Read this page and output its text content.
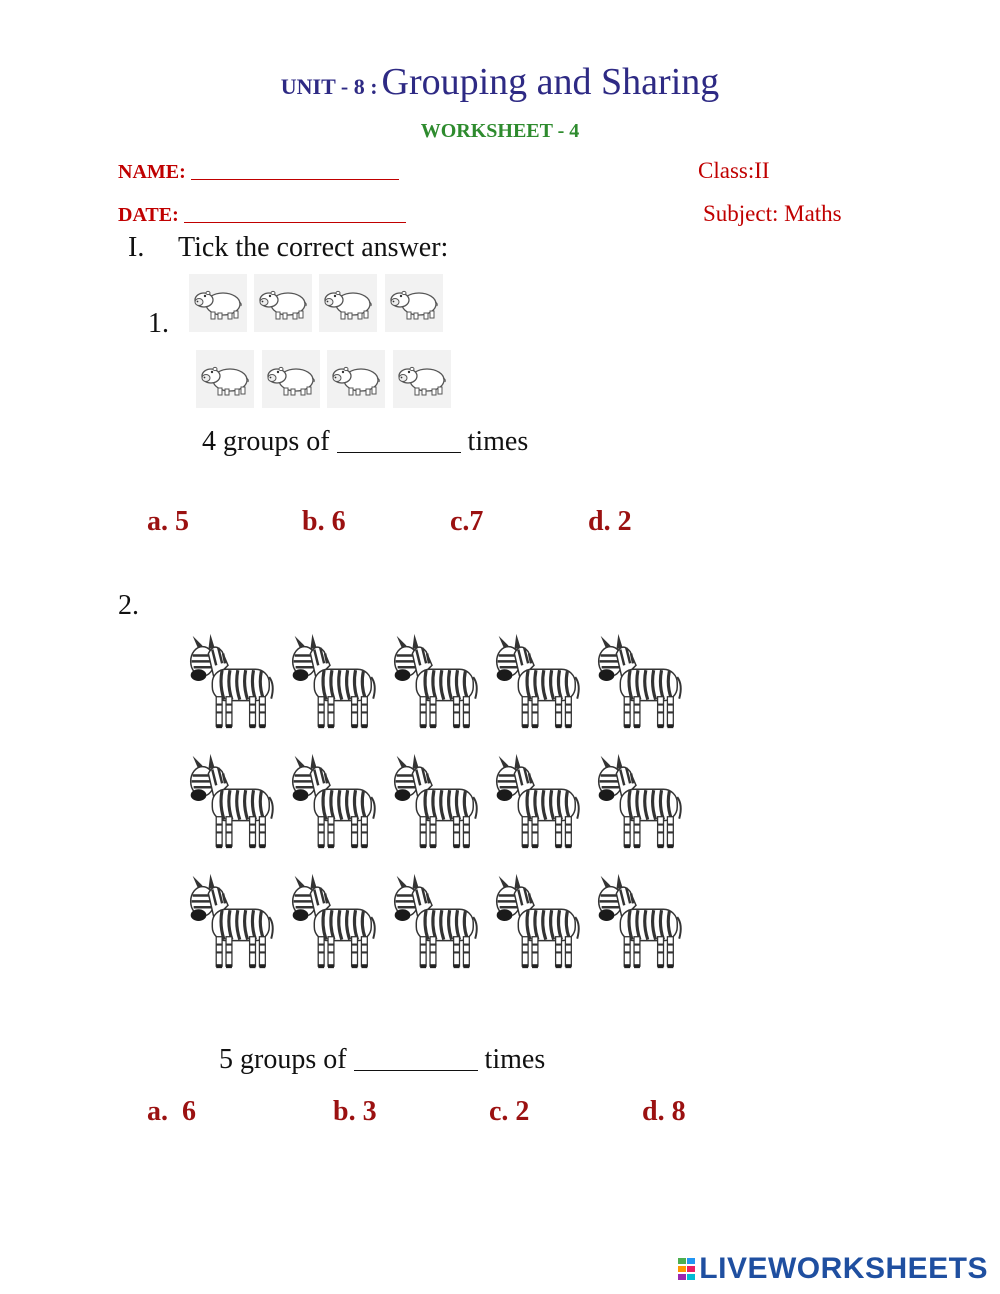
UNIT - 8 : Grouping and Sharing
WORKSHEET - 4
NAME:
DATE:
Class:II
Subject: Maths
I. Tick the correct answer:
1.
4 groups of	times
a. 5	b. 6	c.7	d. 2
2.
5 groups of	times
a.  6	b. 3	c. 2	d. 8
LIVEWORKSHEETS
